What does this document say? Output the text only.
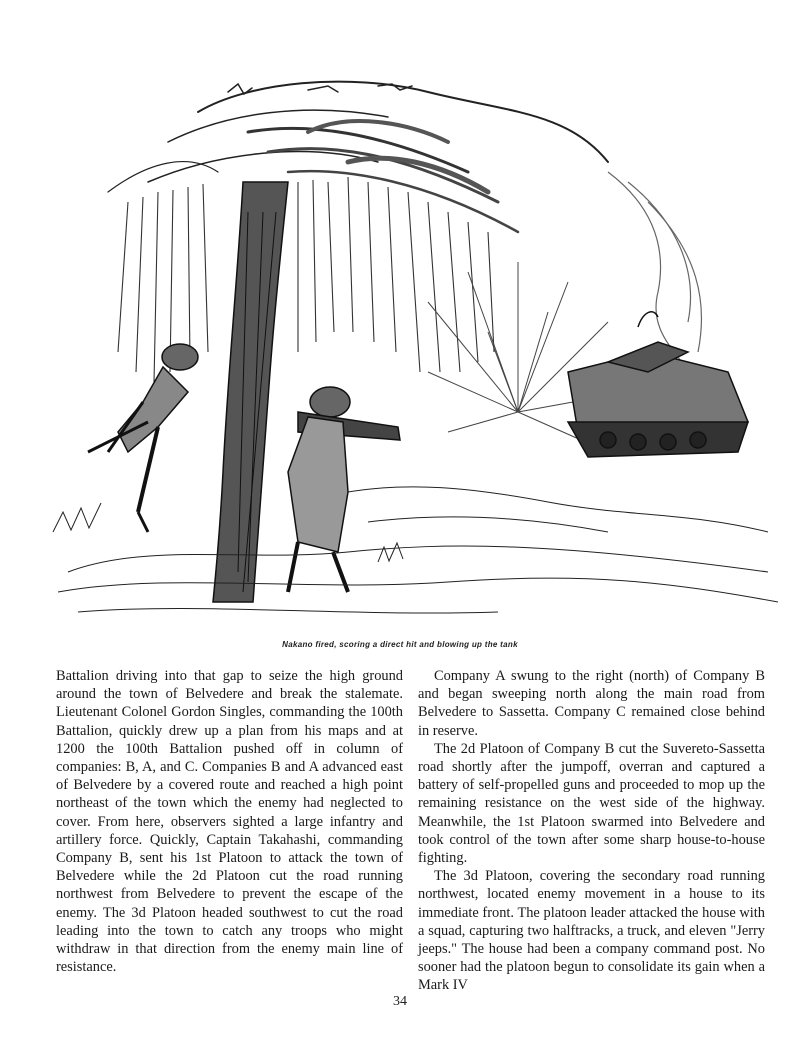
Nakano fired, scoring a direct hit and blowing up the tank

Battalion driving into that gap to seize the high ground around the town of Belvedere and break the stalemate. Lieutenant Colonel Gordon Singles, commanding the 100th Battalion, quickly drew up a plan from his maps and at 1200 the 100th Battalion pushed off in column of companies: B, A, and C. Companies B and A advanced east of Belvedere by a covered route and reached a high point northeast of the town which the enemy had neglected to cover. From here, observers sighted a large infantry and artillery force. Quickly, Captain Takahashi, commanding Company B, sent his 1st Platoon to attack the town of Belvedere while the 2d Platoon cut the road running northwest from Belvedere to prevent the escape of the enemy. The 3d Platoon headed southwest to cut the road leading into the town to catch any troops who might withdraw in that direction from the enemy main line of resistance.

Company A swung to the right (north) of Company B and began sweeping north along the main road from Belvedere to Sassetta. Company C remained close behind in reserve.

The 2d Platoon of Company B cut the Suvereto-Sassetta road shortly after the jumpoff, overran and captured a battery of self-propelled guns and proceeded to mop up the remaining resistance on the west side of the highway. Meanwhile, the 1st Platoon swarmed into Belvedere and took control of the town after some sharp house-to-house fighting.

The 3d Platoon, covering the secondary road running northwest, located enemy movement in a house to its immediate front. The platoon leader attacked the house with a squad, capturing two halftracks, a truck, and eleven "Jerry jeeps." The house had been a company command post. No sooner had the platoon begun to consolidate its gain when a Mark IV

34
